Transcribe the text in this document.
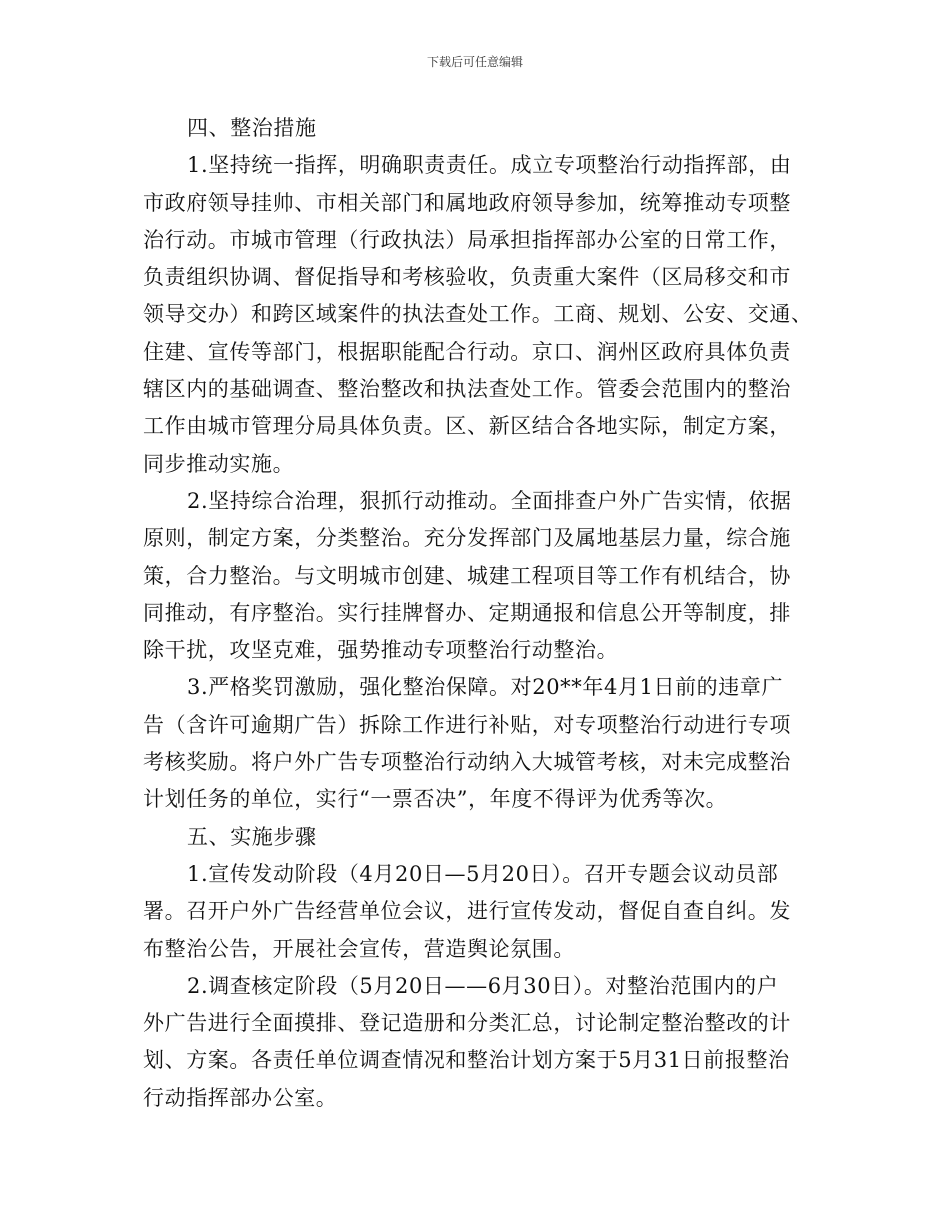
下载后可任意编辑
四、整治措施
1.坚持统一指挥，明确职责责任。成立专项整治行动指挥部，由
市政府领导挂帅、市相关部门和属地政府领导参加，统筹推动专项整
治行动。市城市管理（行政执法）局承担指挥部办公室的日常工作，
负责组织协调、督促指导和考核验收，负责重大案件（区局移交和市
领导交办）和跨区域案件的执法查处工作。工商、规划、公安、交通、
住建、宣传等部门，根据职能配合行动。京口、润州区政府具体负责
辖区内的基础调查、整治整改和执法查处工作。管委会范围内的整治
工作由城市管理分局具体负责。区、新区结合各地实际，制定方案，
同步推动实施。
2.坚持综合治理，狠抓行动推动。全面排查户外广告实情，依据
原则，制定方案，分类整治。充分发挥部门及属地基层力量，综合施
策，合力整治。与文明城市创建、城建工程项目等工作有机结合，协
同推动，有序整治。实行挂牌督办、定期通报和信息公开等制度，排
除干扰，攻坚克难，强势推动专项整治行动整治。
3.严格奖罚激励，强化整治保障。对20**年4月1日前的违章广
告（含许可逾期广告）拆除工作进行补贴，对专项整治行动进行专项
考核奖励。将户外广告专项整治行动纳入大城管考核，对未完成整治
计划任务的单位，实行“一票否决”，年度不得评为优秀等次。
五、实施步骤
1.宣传发动阶段（4月20日—5月20日）。召开专题会议动员部
署。召开户外广告经营单位会议，进行宣传发动，督促自查自纠。发
布整治公告，开展社会宣传，营造舆论氛围。
2.调查核定阶段（5月20日——6月30日）。对整治范围内的户
外广告进行全面摸排、登记造册和分类汇总，讨论制定整治整改的计
划、方案。各责任单位调查情况和整治计划方案于5月31日前报整治
行动指挥部办公室。
